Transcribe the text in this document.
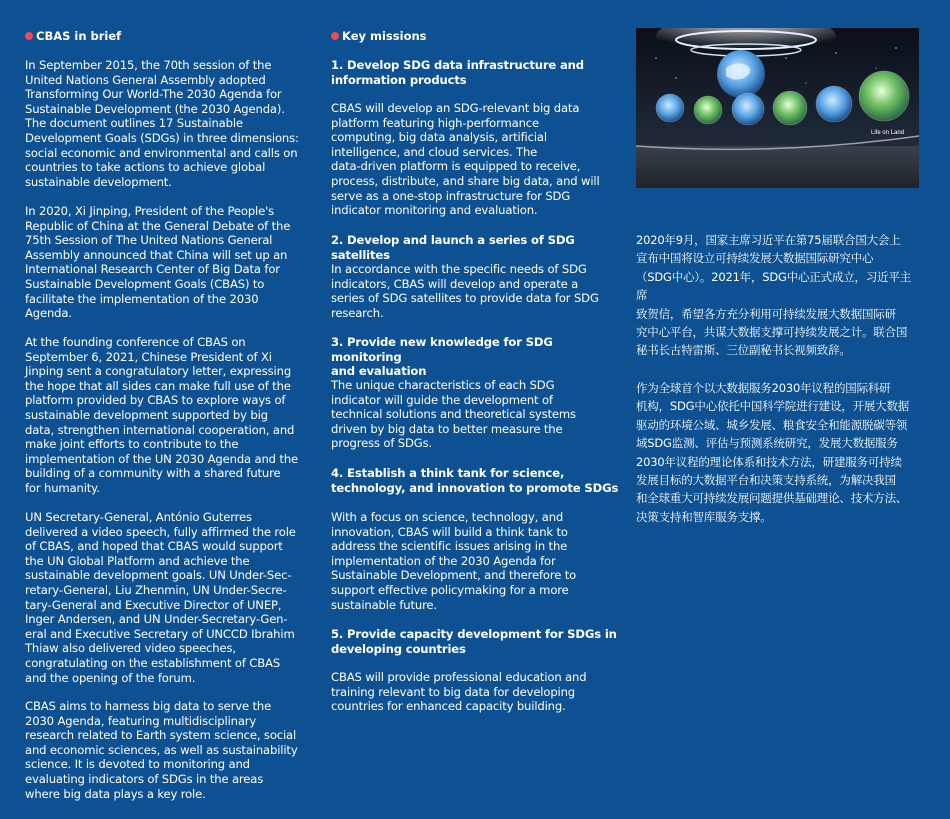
CBAS in brief

In September 2015, the 70th session of the
United Nations General Assembly adopted
Transforming Our World-The 2030 Agenda for
Sustainable Development (the 2030 Agenda).
The document outlines 17 Sustainable
Development Goals (SDGs) in three dimensions:
social economic and environmental and calls on
countries to take actions to achieve global
sustainable development.

In 2020, Xi Jinping, President of the People's
Republic of China at the General Debate of the
75th Session of The United Nations General
Assembly announced that China will set up an
International Research Center of Big Data for
Sustainable Development Goals (CBAS) to
facilitate the implementation of the 2030
Agenda.

At the founding conference of CBAS on
September 6, 2021, Chinese President of Xi
Jinping sent a congratulatory letter, expressing
the hope that all sides can make full use of the
platform provided by CBAS to explore ways of
sustainable development supported by big
data, strengthen international cooperation, and
make joint efforts to contribute to the
implementation of the UN 2030 Agenda and the
building of a community with a shared future
for humanity.

UN Secretary-General, António Guterres
delivered a video speech, fully affirmed the role
of CBAS, and hoped that CBAS would support
the UN Global Platform and achieve the
sustainable development goals. UN Under-Sec-
retary-General, Liu Zhenmin, UN Under-Secre-
tary-General and Executive Director of UNEP,
Inger Andersen, and UN Under-Secretary-Gen-
eral and Executive Secretary of UNCCD Ibrahim
Thiaw also delivered video speeches,
congratulating on the establishment of CBAS
and the opening of the forum.

CBAS aims to harness big data to serve the
2030 Agenda, featuring multidisciplinary
research related to Earth system science, social
and economic sciences, as well as sustainability
science. It is devoted to monitoring and
evaluating indicators of SDGs in the areas
where big data plays a key role.

Key missions

1. Develop SDG data infrastructure and
information products

CBAS will develop an SDG-relevant big data
platform featuring high-performance
computing, big data analysis, artificial
intelligence, and cloud services. The
data-driven platform is equipped to receive,
process, distribute, and share big data, and will
serve as a one-stop infrastructure for SDG
indicator monitoring and evaluation.

2. Develop and launch a series of SDG satellites

In accordance with the specific needs of SDG
indicators, CBAS will develop and operate a
series of SDG satellites to provide data for SDG
research.

3. Provide new knowledge for SDG monitoring
and evaluation

The unique characteristics of each SDG
indicator will guide the development of
technical solutions and theoretical systems
driven by big data to better measure the
progress of SDGs.

4. Establish a think tank for science,
technology, and innovation to promote SDGs

With a focus on science, technology, and
innovation, CBAS will build a think tank to
address the scientific issues arising in the
implementation of the 2030 Agenda for
Sustainable Development, and therefore to
support effective policymaking for a more
sustainable future.

5. Provide capacity development for SDGs in
developing countries

CBAS will provide professional education and
training relevant to big data for developing
countries for enhanced capacity building.

Life on Land

2020年9月，国家主席习近平在第75届联合国大会上
宣布中国将设立可持续发展大数据国际研究中心
（SDG中心）。2021年，SDG中心正式成立，习近平主席
致贺信，希望各方充分利用可持续发展大数据国际研
究中心平台，共谋大数据支撑可持续发展之计。联合国
秘书长古特雷斯、三位副秘书长视频致辞。

作为全球首个以大数据服务2030年议程的国际科研
机构，SDG中心依托中国科学院进行建设，开展大数据
驱动的环境公域、城乡发展、粮食安全和能源脱碳等领
域SDG监测、评估与预测系统研究，发展大数据服务
2030年议程的理论体系和技术方法，研建服务可持续
发展目标的大数据平台和决策支持系统，为解决我国
和全球重大可持续发展问题提供基础理论、技术方法、
决策支持和智库服务支撑。
